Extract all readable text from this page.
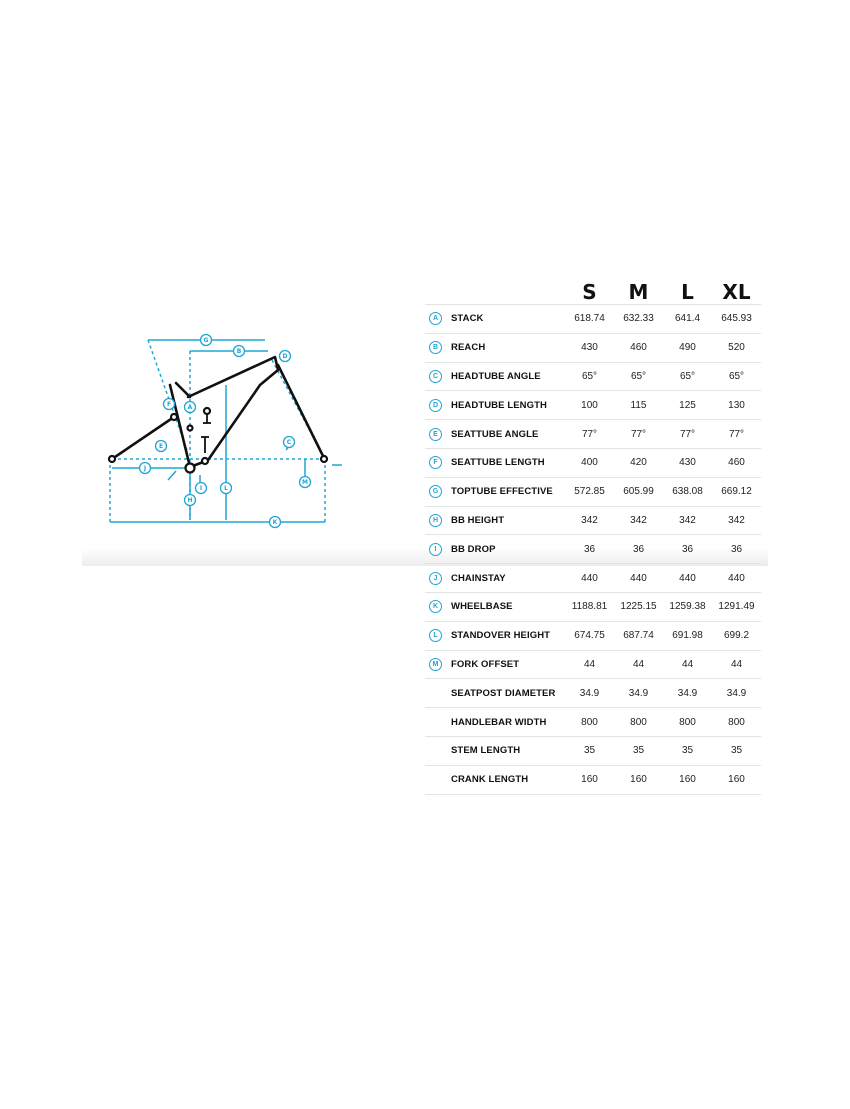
G
B
D
A
F
E
C
J
I	L
H
M
K
	S	M	L	XL

A STACK	618.74	632.33	641.4	645.93

B REACH	430	460	490	520

C HEADTUBE ANGLE	65°	65°	65°	65°

D HEADTUBE LENGTH	100	115	125	130

E SEATTUBE ANGLE	77°	77°	77°	77°

F SEATTUBE LENGTH	400	420	430	460

G TOPTUBE EFFECTIVE	572.85	605.99	638.08	669.12

H BB HEIGHT	342	342	342	342

I BB DROP	36	36	36	36

J CHAINSTAY	440	440	440	440

K WHEELBASE	1188.81	1225.15	1259.38	1291.49

L STANDOVER HEIGHT	674.75	687.74	691.98	699.2

M FORK OFFSET	44	44	44	44

SEATPOST DIAMETER	34.9	34.9	34.9	34.9

HANDLEBAR WIDTH	800	800	800	800

STEM LENGTH	35	35	35	35

CRANK LENGTH	160	160	160	160
